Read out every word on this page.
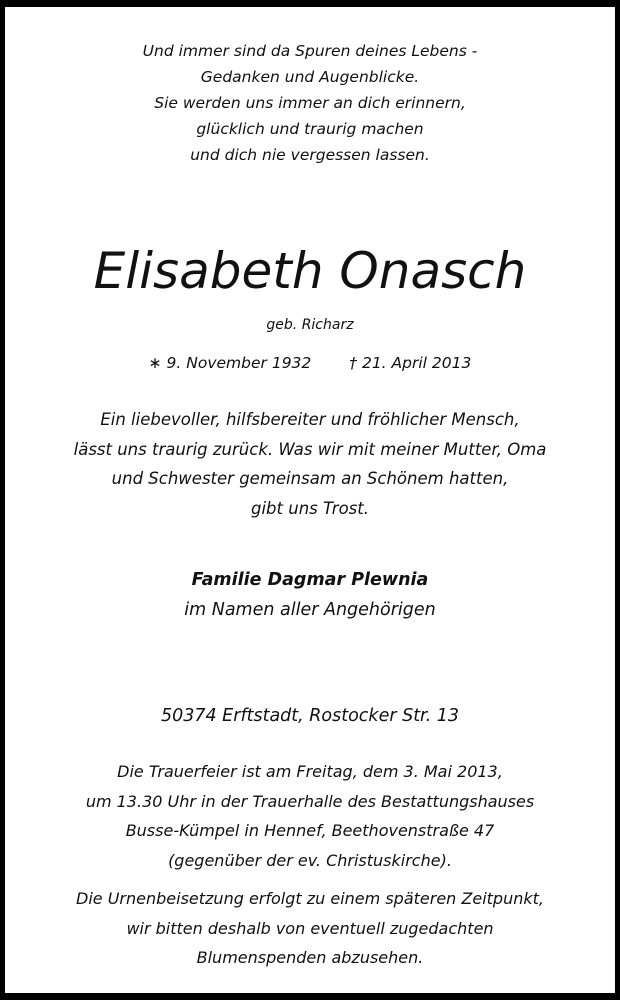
Und immer sind da Spuren deines Lebens -
Gedanken und Augenblicke.
Sie werden uns immer an dich erinnern,
glücklich und traurig machen
und dich nie vergessen lassen.
Elisabeth Onasch
geb. Richarz
∗ 9. November 1932 † 21. April 2013
Ein liebevoller, hilfsbereiter und fröhlicher Mensch,
lässt uns traurig zurück. Was wir mit meiner Mutter, Oma
und Schwester gemeinsam an Schönem hatten,
gibt uns Trost.
Familie Dagmar Plewnia
im Namen aller Angehörigen
50374 Erftstadt, Rostocker Str. 13
Die Trauerfeier ist am Freitag, dem 3. Mai 2013,
um 13.30 Uhr in der Trauerhalle des Bestattungshauses
Busse-Kümpel in Hennef, Beethovenstraße 47
(gegenüber der ev. Christuskirche).
Die Urnenbeisetzung erfolgt zu einem späteren Zeitpunkt,
wir bitten deshalb von eventuell zugedachten
Blumenspenden abzusehen.
